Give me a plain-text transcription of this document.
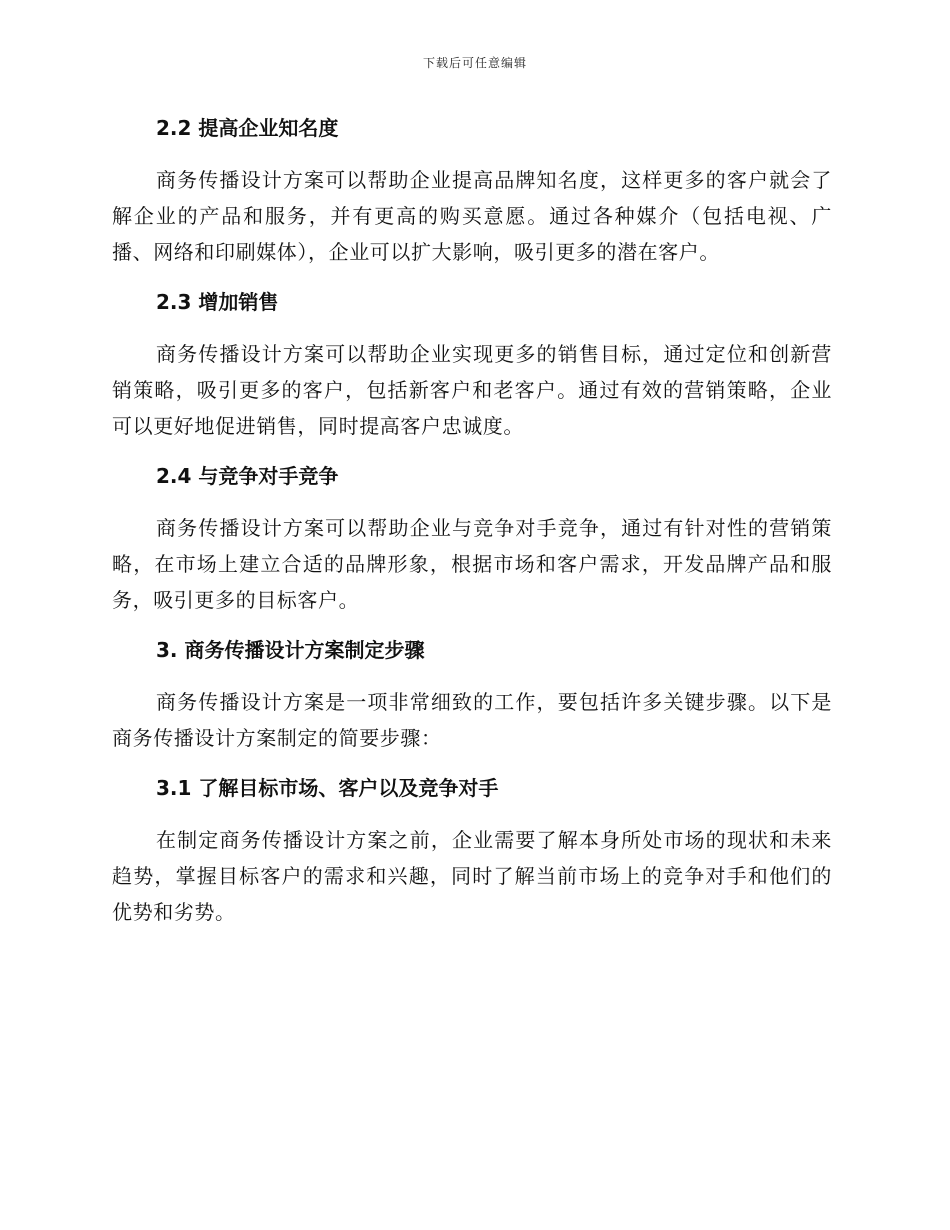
下载后可任意编辑
2.2 提高企业知名度

商务传播设计方案可以帮助企业提高品牌知名度，这样更多的客户就会了解企业的产品和服务，并有更高的购买意愿。通过各种媒介（包括电视、广播、网络和印刷媒体），企业可以扩大影响，吸引更多的潜在客户。

2.3 增加销售

商务传播设计方案可以帮助企业实现更多的销售目标，通过定位和创新营销策略，吸引更多的客户，包括新客户和老客户。通过有效的营销策略，企业可以更好地促进销售，同时提高客户忠诚度。

2.4 与竞争对手竞争

商务传播设计方案可以帮助企业与竞争对手竞争，通过有针对性的营销策略，在市场上建立合适的品牌形象，根据市场和客户需求，开发品牌产品和服务，吸引更多的目标客户。

3. 商务传播设计方案制定步骤

商务传播设计方案是一项非常细致的工作，要包括许多关键步骤。以下是商务传播设计方案制定的简要步骤：

3.1 了解目标市场、客户以及竞争对手

在制定商务传播设计方案之前，企业需要了解本身所处市场的现状和未来趋势，掌握目标客户的需求和兴趣，同时了解当前市场上的竞争对手和他们的优势和劣势。
